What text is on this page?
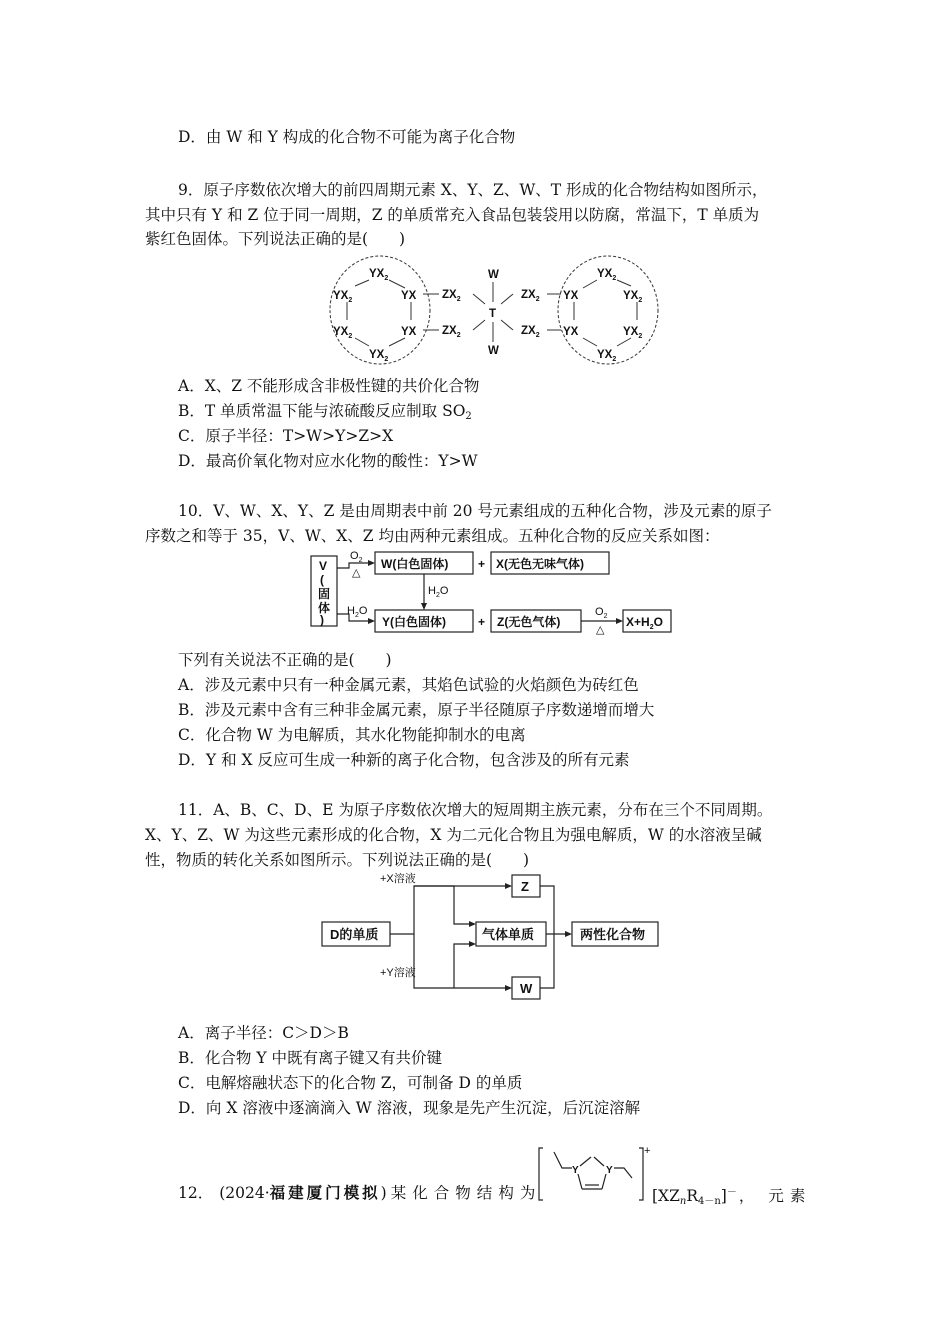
D．由 W 和 Y 构成的化合物不可能为离子化合物
9．原子序数依次增大的前四周期元素 X、Y、Z、W、T 形成的化合物结构如图所示，
其中只有 Y 和 Z 位于同一周期，Z 的单质常充入食品包装袋用以防腐，常温下，T 单质为
紫红色固体。下列说法正确的是(　　)
$YX_2$
$YX_2$	YX
$YX_2$	YX
$YX_2$
$ZX_2$
$ZX_2$
W
T
W
$ZX_2$
$ZX_2$
$YX_2$
YX	$YX_2$
YX	$YX_2$
$YX_2$
A．X、Z 不能形成含非极性键的共价化合物
B．T 单质常温下能与浓硫酸反应制取 $SO_2$
C．原子半径：T>W>Y>Z>X
D．最高价氧化物对应水化物的酸性：Y>W
10．V、W、X、Y、Z 是由周期表中前 20 号元素组成的五种化合物，涉及元素的原子
序数之和等于 35，V、W、X、Z 均由两种元素组成。五种化合物的反应关系如图：
$O_2$
△
$H_2O$
$H_2O$
$O_2$
△
V
(
固
体
)
W(白色固体) + X(无色无味气体)
Y(白色固体)	+ Z(无色气体)	$X+H_2O$
下列有关说法不正确的是(　　)
A．涉及元素中只有一种金属元素，其焰色试验的火焰颜色为砖红色
B．涉及元素中含有三种非金属元素，原子半径随原子序数递增而增大
C．化合物 W 为电解质，其水化物能抑制水的电离
D．Y 和 X 反应可生成一种新的离子化合物，包含涉及的所有元素
11．A、B、C、D、E 为原子序数依次增大的短周期主族元素，分布在三个不同周期。
X、Y、Z、W 为这些元素形成的化合物，X 为二元化合物且为强电解质，W 的水溶液呈碱
性，物质的转化关系如图所示。下列说法正确的是(　　)
+X溶液
+Y溶液
D的单质
Z
气体单质
W
两性化合物
A．离子半径：C＞D＞B
B．化合物 Y 中既有离子键又有共价键
C．电解熔融状态下的化合物 Z，可制备 D 的单质
D．向 X 溶液中逐滴滴入 W 溶液，现象是先产生沉淀，后沉淀溶解
12． (2024·福建厦门模拟) 某化合物结构为
Y	Y
+
$[XZ_nR_{4-n}]^-$ ， 元 素
